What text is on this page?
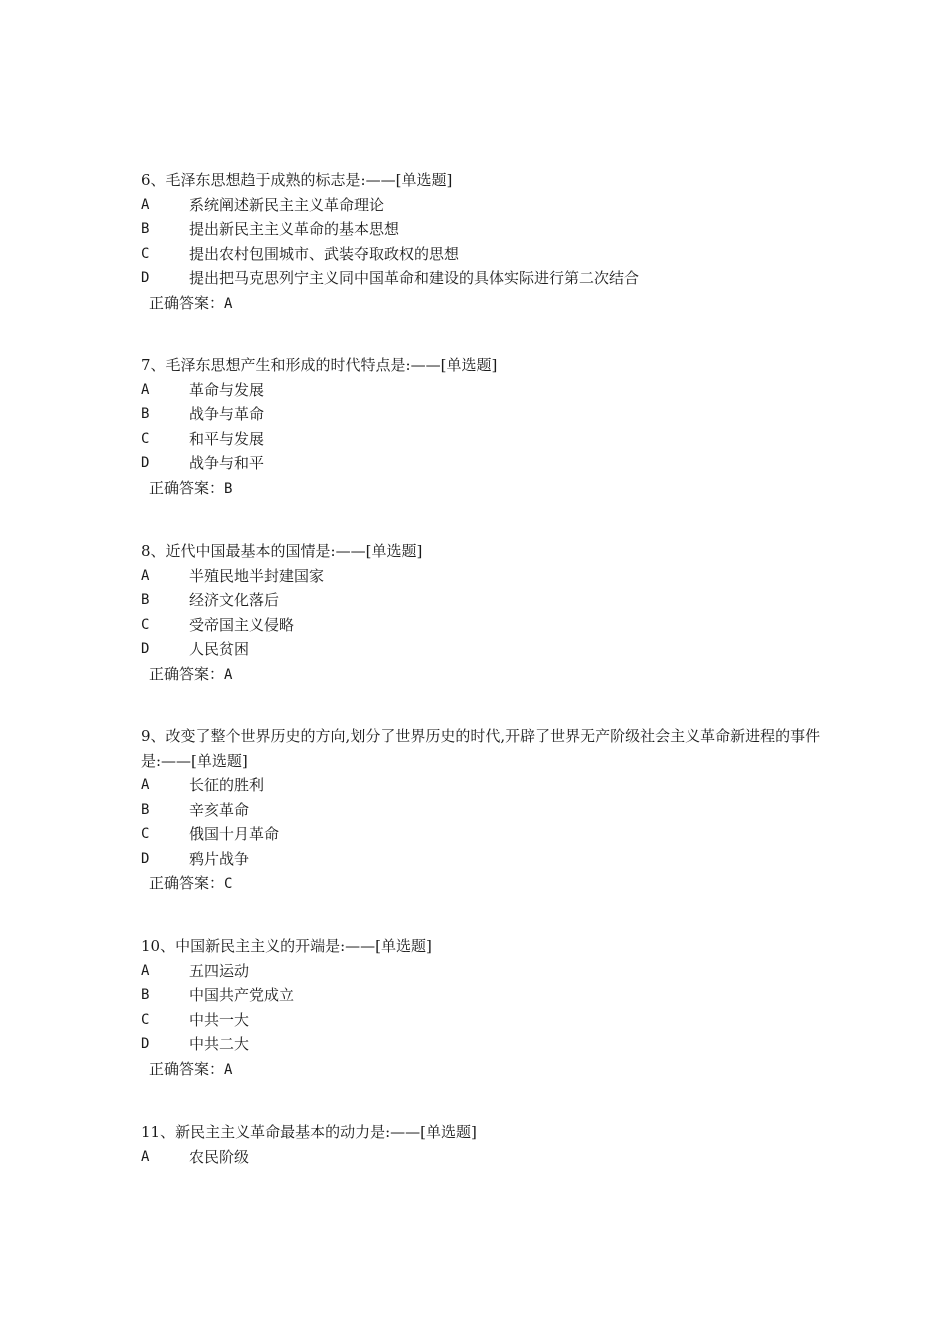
6、毛泽东思想趋于成熟的标志是:——[单选题]

A	系统阐述新民主主义革命理论
B	提出新民主主义革命的基本思想
C	提出农村包围城市、武装夺取政权的思想
D	提出把马克思列宁主义同中国革命和建设的具体实际进行第二次结合
正确答案：A

7、毛泽东思想产生和形成的时代特点是:——[单选题]

A	革命与发展
B	战争与革命
C	和平与发展
D	战争与和平
正确答案：B

8、近代中国最基本的国情是:——[单选题]

A	半殖民地半封建国家
B	经济文化落后
C	受帝国主义侵略
D	人民贫困
正确答案：A

9、改变了整个世界历史的方向,划分了世界历史的时代,开辟了世界无产阶级社会主义革命新进程的事件是:——[单选题]

A	长征的胜利
B	辛亥革命
C	俄国十月革命
D	鸦片战争
正确答案：C

10、中国新民主主义的开端是:——[单选题]

A	五四运动
B	中国共产党成立
C	中共一大
D	中共二大
正确答案：A

11、新民主主义革命最基本的动力是:——[单选题]

A	农民阶级
